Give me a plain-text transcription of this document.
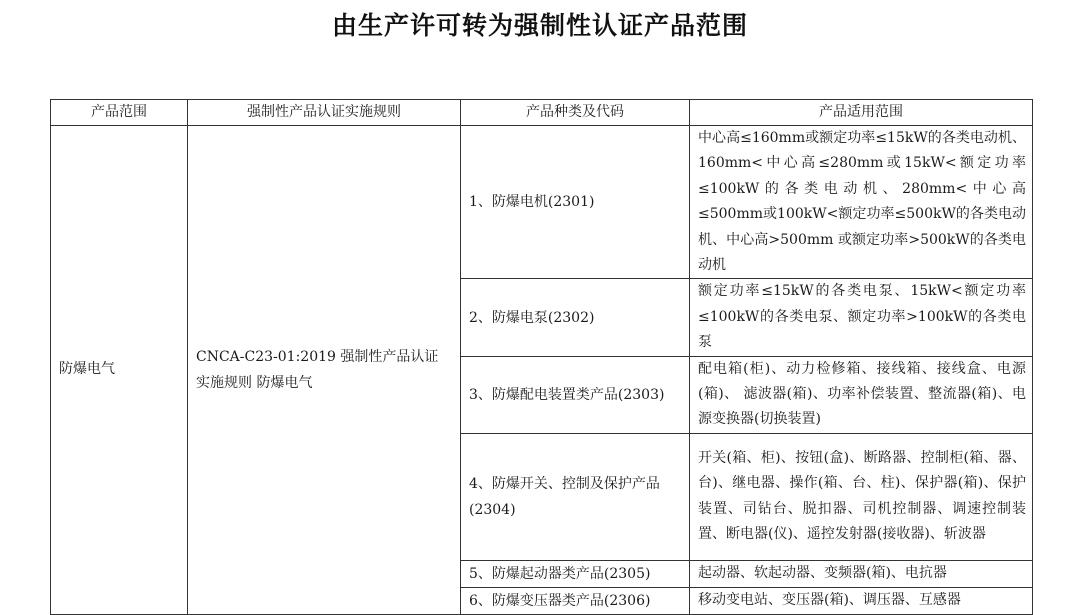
由生产许可转为强制性认证产品范围
产品范围	强制性产品认证实施规则	产品种类及代码	产品适用范围
防爆电气	CNCA-C23-01:2019 强制性产品认证实施规则 防爆电气	1、防爆电机(2301)	中心高≤160mm或额定功率≤15kW的各类电动机、160mm<中心高≤280mm或15kW<额定功率≤100kW的各类电动机、280mm<中心高≤500mm或100kW<额定功率≤500kW的各类电动机、中心高>500mm 或额定功率>500kW的各类电动机
		2、防爆电泵(2302)	额定功率≤15kW的各类电泵、15kW<额定功率≤100kW的各类电泵、额定功率>100kW的各类电泵
		3、防爆配电装置类产品(2303)	配电箱(柜)、动力检修箱、接线箱、接线盒、电源(箱)、 滤波器(箱)、功率补偿装置、整流器(箱)、电源变换器(切换装置)
		4、防爆开关、控制及保护产品(2304)	开关(箱、柜)、按钮(盒)、断路器、控制柜(箱、器、台)、继电器、操作(箱、台、柱)、保护器(箱)、保护装置、司钻台、脱扣器、司机控制器、调速控制装置、断电器(仪)、遥控发射器(接收器)、斩波器
		5、防爆起动器类产品(2305)	起动器、软起动器、变频器(箱)、电抗器
		6、防爆变压器类产品(2306)	移动变电站、变压器(箱)、调压器、互感器
